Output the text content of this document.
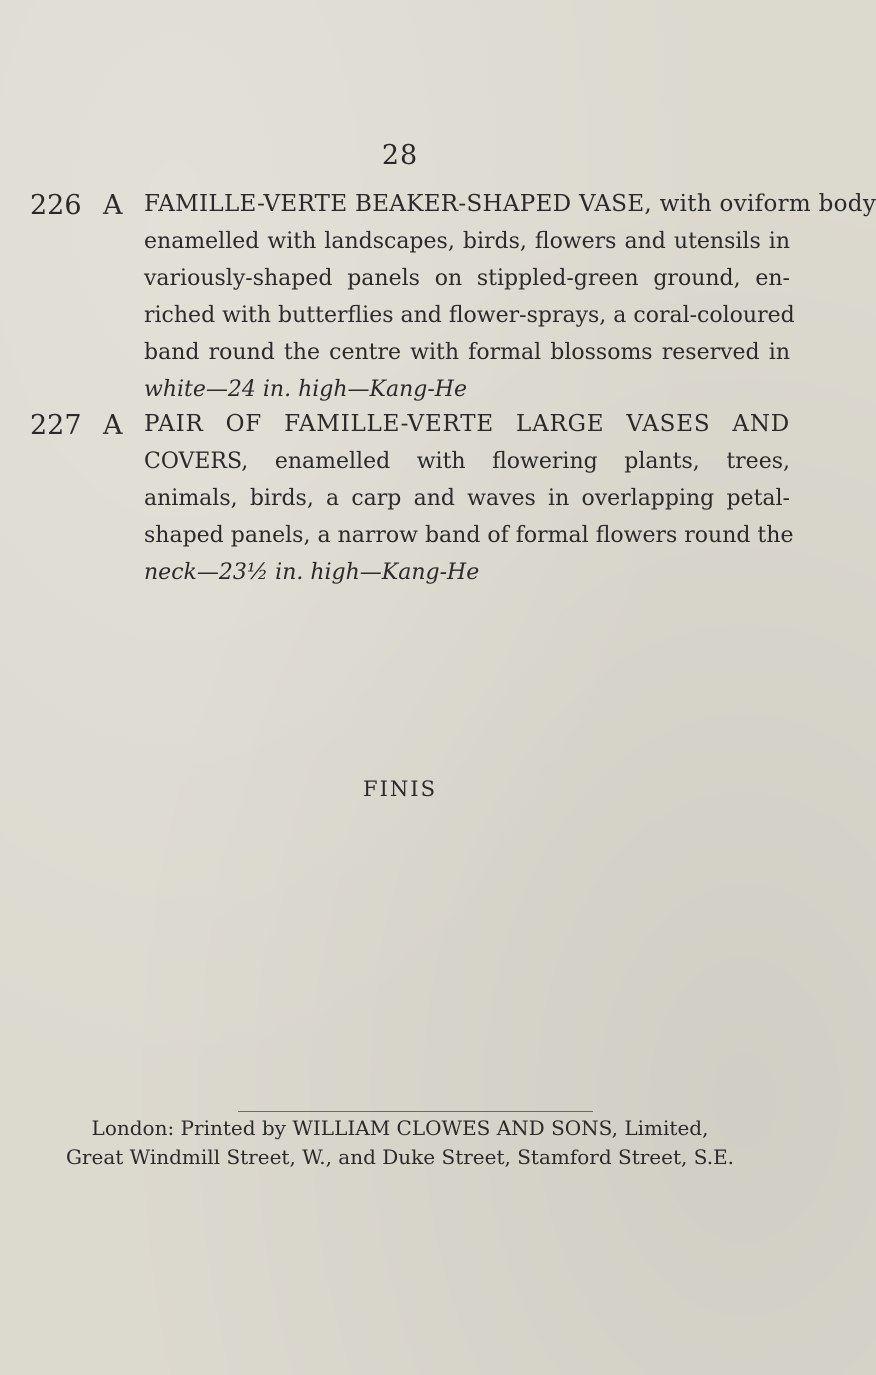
28
226 A FAMILLE-VERTE BEAKER-SHAPED VASE, with oviform body
enamelled with landscapes, birds, flowers and utensils in
variously-shaped panels on stippled-green ground, en-
riched with butterflies and flower-sprays, a coral-coloured
band round the centre with formal blossoms reserved in
white—24 in. high—Kang-He
227 A PAIR OF FAMILLE-VERTE LARGE VASES AND
COVERS, enamelled with flowering plants, trees,
animals, birds, a carp and waves in overlapping petal-
shaped panels, a narrow band of formal flowers round the
neck—23½ in. high—Kang-He
FINIS
London: Printed by WILLIAM CLOWES AND SONS, Limited,
Great Windmill Street, W., and Duke Street, Stamford Street, S.E.
